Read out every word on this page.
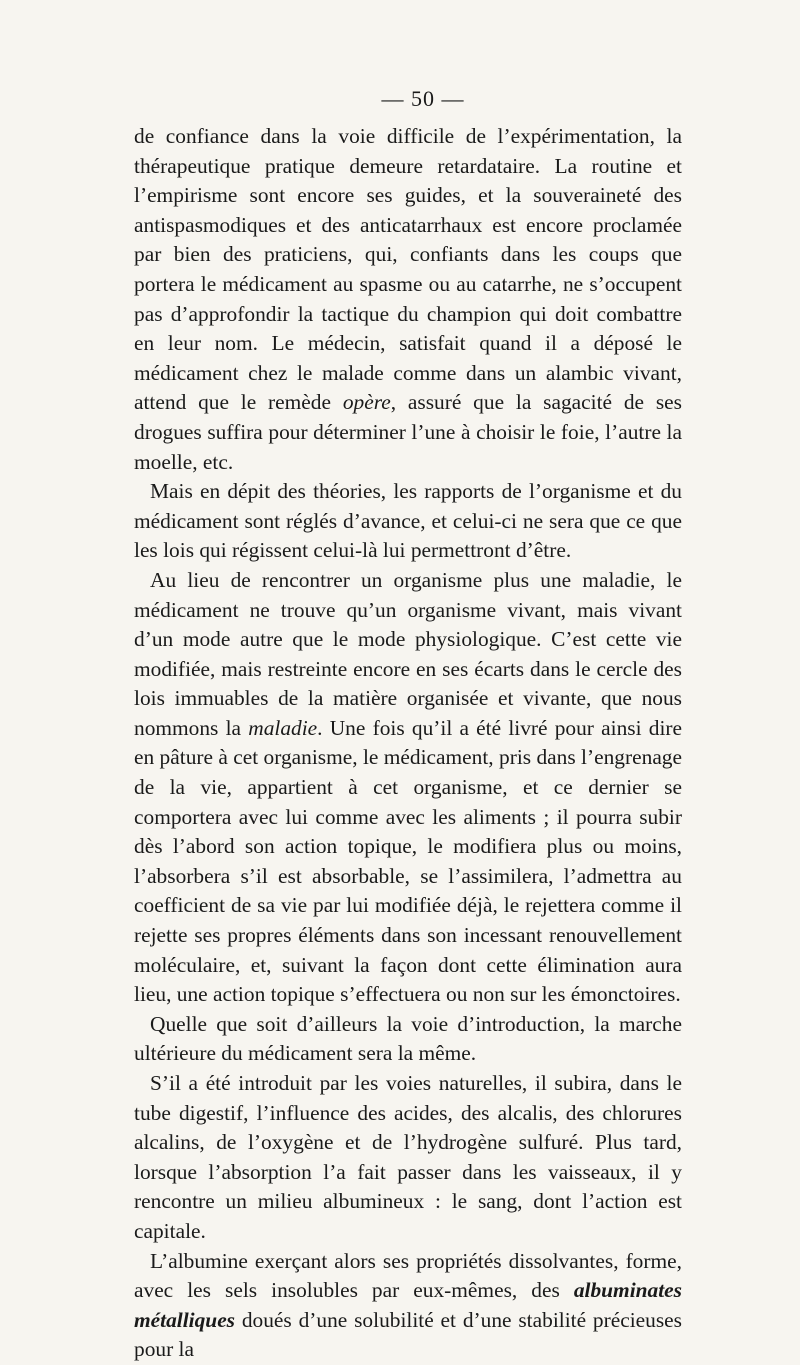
— 50 —

de confiance dans la voie difficile de l’expérimentation, la thérapeutique pratique demeure retardataire. La routine et l’empirisme sont encore ses guides, et la souveraineté des antispasmodiques et des anticatarrhaux est encore proclamée par bien des praticiens, qui, confiants dans les coups que portera le médicament au spasme ou au catarrhe, ne s’occupent pas d’approfondir la tactique du champion qui doit combattre en leur nom. Le médecin, satisfait quand il a déposé le médicament chez le malade comme dans un alambic vivant, attend que le remède opère, assuré que la sagacité de ses drogues suffira pour déterminer l’une à choisir le foie, l’autre la moelle, etc.

Mais en dépit des théories, les rapports de l’organisme et du médicament sont réglés d’avance, et celui-ci ne sera que ce que les lois qui régissent celui-là lui permettront d’être.

Au lieu de rencontrer un organisme plus une maladie, le médicament ne trouve qu’un organisme vivant, mais vivant d’un mode autre que le mode physiologique. C’est cette vie modifiée, mais restreinte encore en ses écarts dans le cercle des lois immuables de la matière organisée et vivante, que nous nommons la maladie. Une fois qu’il a été livré pour ainsi dire en pâture à cet organisme, le médicament, pris dans l’engrenage de la vie, appartient à cet organisme, et ce dernier se comportera avec lui comme avec les aliments ; il pourra subir dès l’abord son action topique, le modifiera plus ou moins, l’absorbera s’il est absorbable, se l’assimilera, l’admettra au coefficient de sa vie par lui modifiée déjà, le rejettera comme il rejette ses propres éléments dans son incessant renouvellement moléculaire, et, suivant la façon dont cette élimination aura lieu, une action topique s’effectuera ou non sur les émonctoires.

Quelle que soit d’ailleurs la voie d’introduction, la marche ultérieure du médicament sera la même.

S’il a été introduit par les voies naturelles, il subira, dans le tube digestif, l’influence des acides, des alcalis, des chlorures alcalins, de l’oxygène et de l’hydrogène sulfuré. Plus tard, lorsque l’absorption l’a fait passer dans les vaisseaux, il y rencontre un milieu albumineux : le sang, dont l’action est capitale.

L’albumine exerçant alors ses propriétés dissolvantes, forme, avec les sels insolubles par eux-mêmes, des albuminates métalliques doués d’une solubilité et d’une stabilité précieuses pour la
